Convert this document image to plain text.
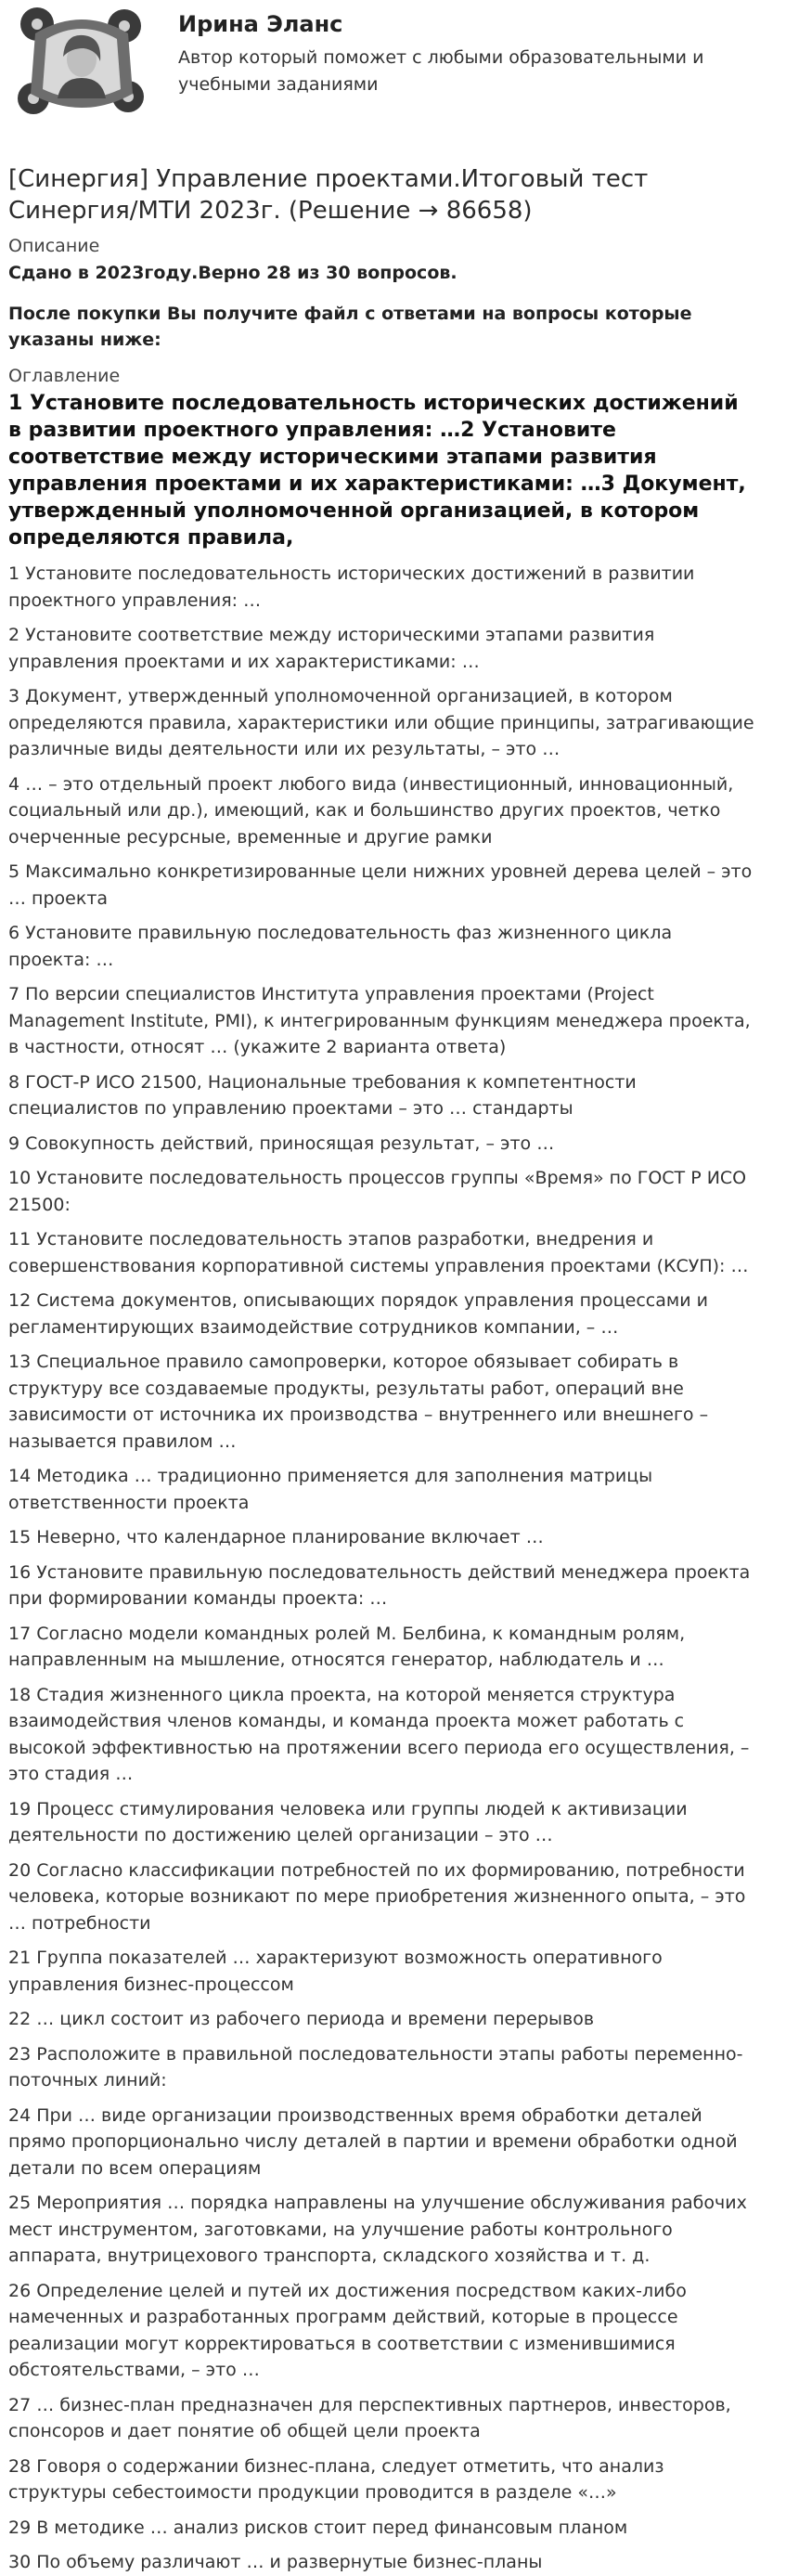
Ирина Эланс
Автор который поможет с любыми образовательными и учебными заданиями
[Синергия] Управление проектами.Итоговый тест Синергия/МТИ 2023г. (Решение → 86658)
Описание
Сдано в 2023году.Верно 28 из 30 вопросов.
После покупки Вы получите файл с ответами на вопросы которые указаны ниже:
Оглавление
1 Установите последовательность исторических достижений в развитии проектного управления: …2 Установите соответствие между историческими этапами развития управления проектами и их характеристиками: …3 Документ, утвержденный уполномоченной организацией, в котором определяются правила,
1 Установите последовательность исторических достижений в развитии проектного управления: …
2 Установите соответствие между историческими этапами развития управления проектами и их характеристиками: …
3 Документ, утвержденный уполномоченной организацией, в котором определяются правила, характеристики или общие принципы, затрагивающие различные виды деятельности или их результаты, – это …
4 … – это отдельный проект любого вида (инвестиционный, инновационный, социальный или др.), имеющий, как и большинство других проектов, четко очерченные ресурсные, временные и другие рамки
5 Максимально конкретизированные цели нижних уровней дерева целей – это … проекта
6 Установите правильную последовательность фаз жизненного цикла проекта: …
7 По версии специалистов Института управления проектами (Project Management Institute, PMI), к интегрированным функциям менеджера проекта, в частности, относят … (укажите 2 варианта ответа)
8 ГОСТ-Р ИСО 21500, Национальные требования к компетентности специалистов по управлению проектами – это … стандарты
9 Совокупность действий, приносящая результат, – это …
10 Установите последовательность процессов группы «Время» по ГОСТ Р ИСО 21500:
11 Установите последовательность этапов разработки, внедрения и совершенствования корпоративной системы управления проектами (КСУП): …
12 Система документов, описывающих порядок управления процессами и регламентирующих взаимодействие сотрудников компании, – …
13 Специальное правило самопроверки, которое обязывает собирать в структуру все создаваемые продукты, результаты работ, операций вне зависимости от источника их производства – внутреннего или внешнего – называется правилом …
14 Методика … традиционно применяется для заполнения матрицы ответственности проекта
15 Неверно, что календарное планирование включает …
16 Установите правильную последовательность действий менеджера проекта при формировании команды проекта: …
17 Согласно модели командных ролей М. Белбина, к командным ролям, направленным на мышление, относятся генератор, наблюдатель и …
18 Стадия жизненного цикла проекта, на которой меняется структура взаимодействия членов команды, и команда проекта может работать с высокой эффективностью на протяжении всего периода его осуществления, – это стадия …
19 Процесс стимулирования человека или группы людей к активизации деятельности по достижению целей организации – это …
20 Согласно классификации потребностей по их формированию, потребности человека, которые возникают по мере приобретения жизненного опыта, – это … потребности
21 Группа показателей … характеризуют возможность оперативного управления бизнес-процессом
22 … цикл состоит из рабочего периода и времени перерывов
23 Расположите в правильной последовательности этапы работы переменно-поточных линий:
24 При … виде организации производственных время обработки деталей прямо пропорционально числу деталей в партии и времени обработки одной детали по всем операциям
25 Мероприятия … порядка направлены на улучшение обслуживания рабочих мест инструментом, заготовками, на улучшение работы контрольного аппарата, внутрицехового транспорта, складского хозяйства и т. д.
26 Определение целей и путей их достижения посредством каких-либо намеченных и разработанных программ действий, которые в процессе реализации могут корректироваться в соответствии с изменившимися обстоятельствами, – это …
27 … бизнес-план предназначен для перспективных партнеров, инвесторов, спонсоров и дает понятие об общей цели проекта
28 Говоря о содержании бизнес-плана, следует отметить, что анализ структуры себестоимости продукции проводится в разделе «…»
29 В методике … анализ рисков стоит перед финансовым планом
30 По объему различают … и развернутые бизнес-планы
